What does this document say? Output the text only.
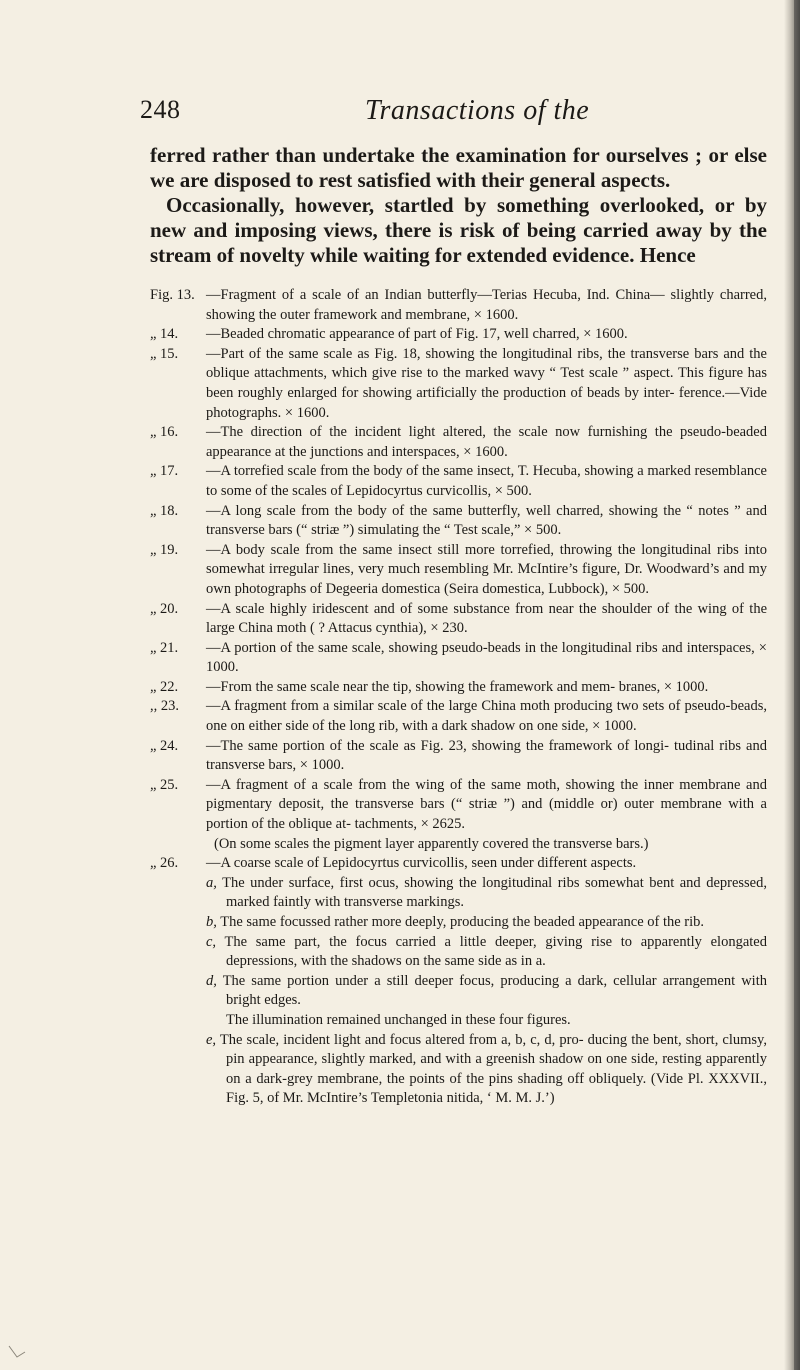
248	Transactions of the

ferred rather than undertake the examination for ourselves ; or else we are disposed to rest satisfied with their general aspects.

Occasionally, however, startled by something overlooked, or by new and imposing views, there is risk of being carried away by the stream of novelty while waiting for extended evidence. Hence

Fig. 13. —Fragment of a scale of an Indian butterfly—Terias Hecuba, Ind. China— slightly charred, showing the outer framework and membrane, × 1600.
„ 14.	—Beaded chromatic appearance of part of Fig. 17, well charred, × 1600.
„ 15.	—Part of the same scale as Fig. 18, showing the longitudinal ribs, the transverse bars and the oblique attachments, which give rise to the marked wavy “ Test scale ” aspect. This figure has been roughly enlarged for showing artificially the production of beads by inter- ference.—Vide photographs. × 1600.
„ 16.	—The direction of the incident light altered, the scale now furnishing the pseudo-beaded appearance at the junctions and interspaces, × 1600.
„ 17.	—A torrefied scale from the body of the same insect, T. Hecuba, showing a marked resemblance to some of the scales of Lepidocyrtus curvicollis, × 500.
„ 18.	—A long scale from the body of the same butterfly, well charred, showing the “ notes ” and transverse bars (“ striæ ”) simulating the “ Test scale,” × 500.
„ 19.	—A body scale from the same insect still more torrefied, throwing the longitudinal ribs into somewhat irregular lines, very much resembling Mr. McIntire’s figure, Dr. Woodward’s and my own photographs of Degeeria domestica (Seira domestica, Lubbock), × 500.
„ 20.	—A scale highly iridescent and of some substance from near the shoulder of the wing of the large China moth ( ? Attacus cynthia), × 230.
„ 21.	—A portion of the same scale, showing pseudo-beads in the longitudinal ribs and interspaces, × 1000.
„ 22.	—From the same scale near the tip, showing the framework and mem- branes, × 1000.
,, 23.	—A fragment from a similar scale of the large China moth producing two sets of pseudo-beads, one on either side of the long rib, with a dark shadow on one side, × 1000.
„ 24.	—The same portion of the scale as Fig. 23, showing the framework of longi- tudinal ribs and transverse bars, × 1000.
„ 25.	—A fragment of a scale from the wing of the same moth, showing the inner membrane and pigmentary deposit, the transverse bars (“ striæ ”) and (middle or) outer membrane with a portion of the oblique at- tachments, × 2625.
(On some scales the pigment layer apparently covered the transverse bars.)
„ 26.	—A coarse scale of Lepidocyrtus curvicollis, seen under different aspects.
a, The under surface, first ocus, showing the longitudinal ribs somewhat bent and depressed, marked faintly with transverse markings.
b, The same focussed rather more deeply, producing the beaded appearance of the rib.
c, The same part, the focus carried a little deeper, giving rise to apparently elongated depressions, with the shadows on the same side as in a.
d, The same portion under a still deeper focus, producing a dark, cellular arrangement with bright edges.
The illumination remained unchanged in these four figures.
e, The scale, incident light and focus altered from a, b, c, d, pro- ducing the bent, short, clumsy, pin appearance, slightly marked, and with a greenish shadow on one side, resting apparently on a dark-grey membrane, the points of the pins shading off obliquely. (Vide Pl. XXXVII., Fig. 5, of Mr. McIntire’s Templetonia nitida, ‘ M. M. J.’)
